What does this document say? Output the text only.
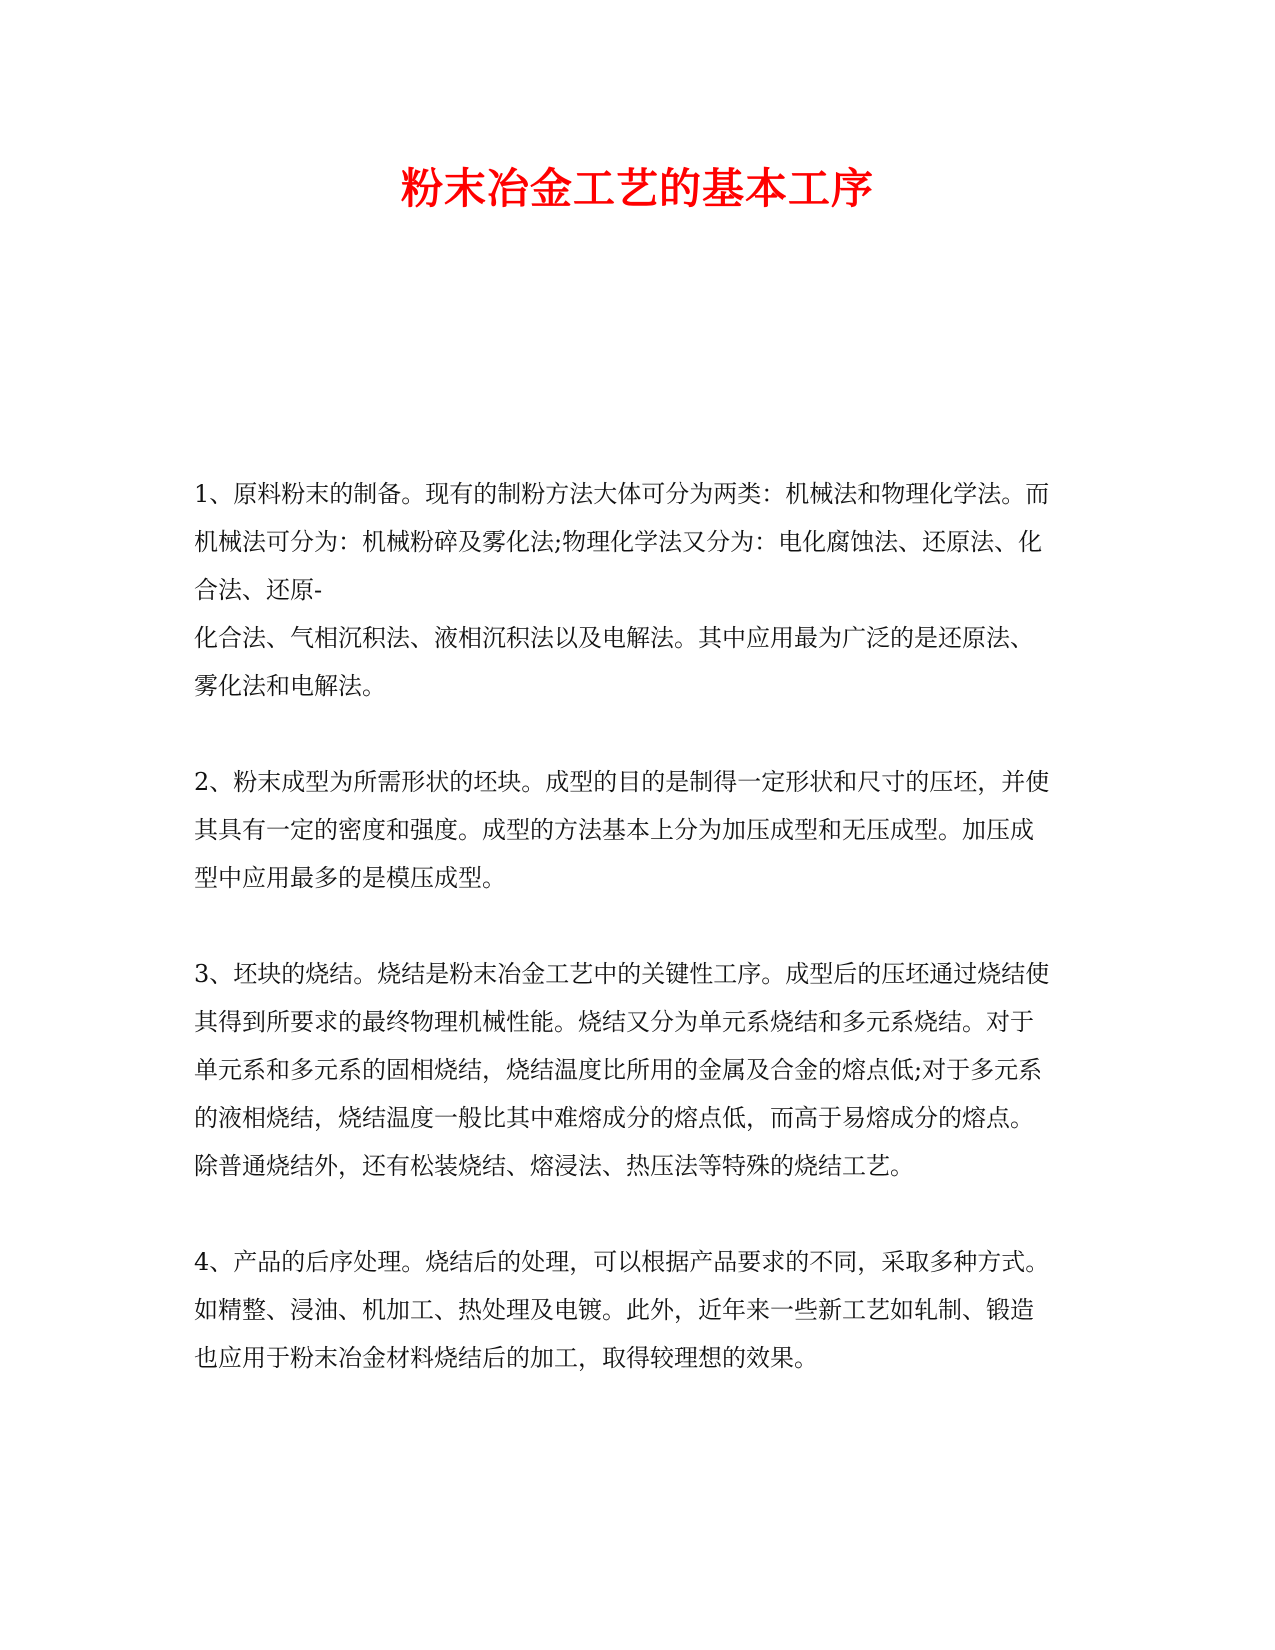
粉末冶金工艺的基本工序
1、原料粉末的制备。现有的制粉方法大体可分为两类：机械法和物理化学法。而
机械法可分为：机械粉碎及雾化法;物理化学法又分为：电化腐蚀法、还原法、化
合法、还原-
化合法、气相沉积法、液相沉积法以及电解法。其中应用最为广泛的是还原法、
雾化法和电解法。
2、粉末成型为所需形状的坯块。成型的目的是制得一定形状和尺寸的压坯，并使
其具有一定的密度和强度。成型的方法基本上分为加压成型和无压成型。加压成
型中应用最多的是模压成型。
3、坯块的烧结。烧结是粉末冶金工艺中的关键性工序。成型后的压坯通过烧结使
其得到所要求的最终物理机械性能。烧结又分为单元系烧结和多元系烧结。对于
单元系和多元系的固相烧结，烧结温度比所用的金属及合金的熔点低;对于多元系
的液相烧结，烧结温度一般比其中难熔成分的熔点低，而高于易熔成分的熔点。
除普通烧结外，还有松装烧结、熔浸法、热压法等特殊的烧结工艺。
4、产品的后序处理。烧结后的处理，可以根据产品要求的不同，采取多种方式。
如精整、浸油、机加工、热处理及电镀。此外，近年来一些新工艺如轧制、锻造
也应用于粉末冶金材料烧结后的加工，取得较理想的效果。
